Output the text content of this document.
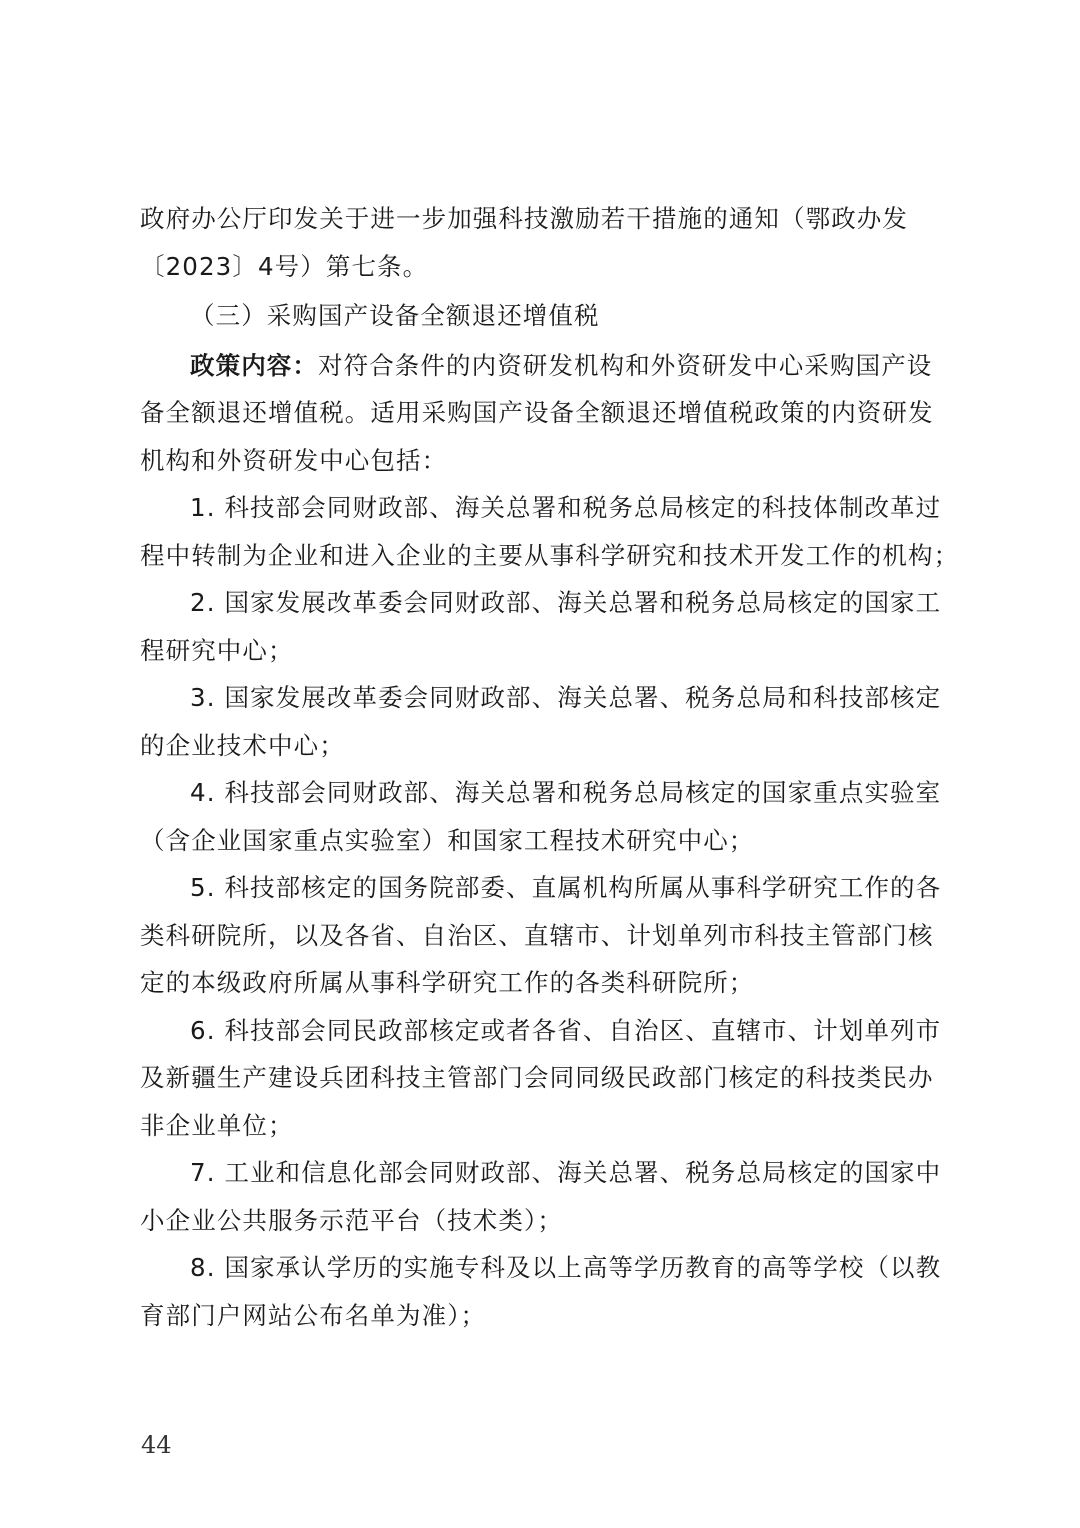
政府办公厅印发关于进一步加强科技激励若干措施的通知（鄂政办发
〔2023〕4号）第七条。
（三）采购国产设备全额退还增值税
政策内容：对符合条件的内资研发机构和外资研发中心采购国产设
备全额退还增值税。适用采购国产设备全额退还增值税政策的内资研发
机构和外资研发中心包括：
1. 科技部会同财政部、海关总署和税务总局核定的科技体制改革过
程中转制为企业和进入企业的主要从事科学研究和技术开发工作的机构；
2. 国家发展改革委会同财政部、海关总署和税务总局核定的国家工
程研究中心；
3. 国家发展改革委会同财政部、海关总署、税务总局和科技部核定
的企业技术中心；
4. 科技部会同财政部、海关总署和税务总局核定的国家重点实验室
（含企业国家重点实验室）和国家工程技术研究中心；
5. 科技部核定的国务院部委、直属机构所属从事科学研究工作的各
类科研院所，以及各省、自治区、直辖市、计划单列市科技主管部门核
定的本级政府所属从事科学研究工作的各类科研院所；
6. 科技部会同民政部核定或者各省、自治区、直辖市、计划单列市
及新疆生产建设兵团科技主管部门会同同级民政部门核定的科技类民办
非企业单位；
7. 工业和信息化部会同财政部、海关总署、税务总局核定的国家中
小企业公共服务示范平台（技术类）；
8. 国家承认学历的实施专科及以上高等学历教育的高等学校（以教
育部门户网站公布名单为准）；
44
